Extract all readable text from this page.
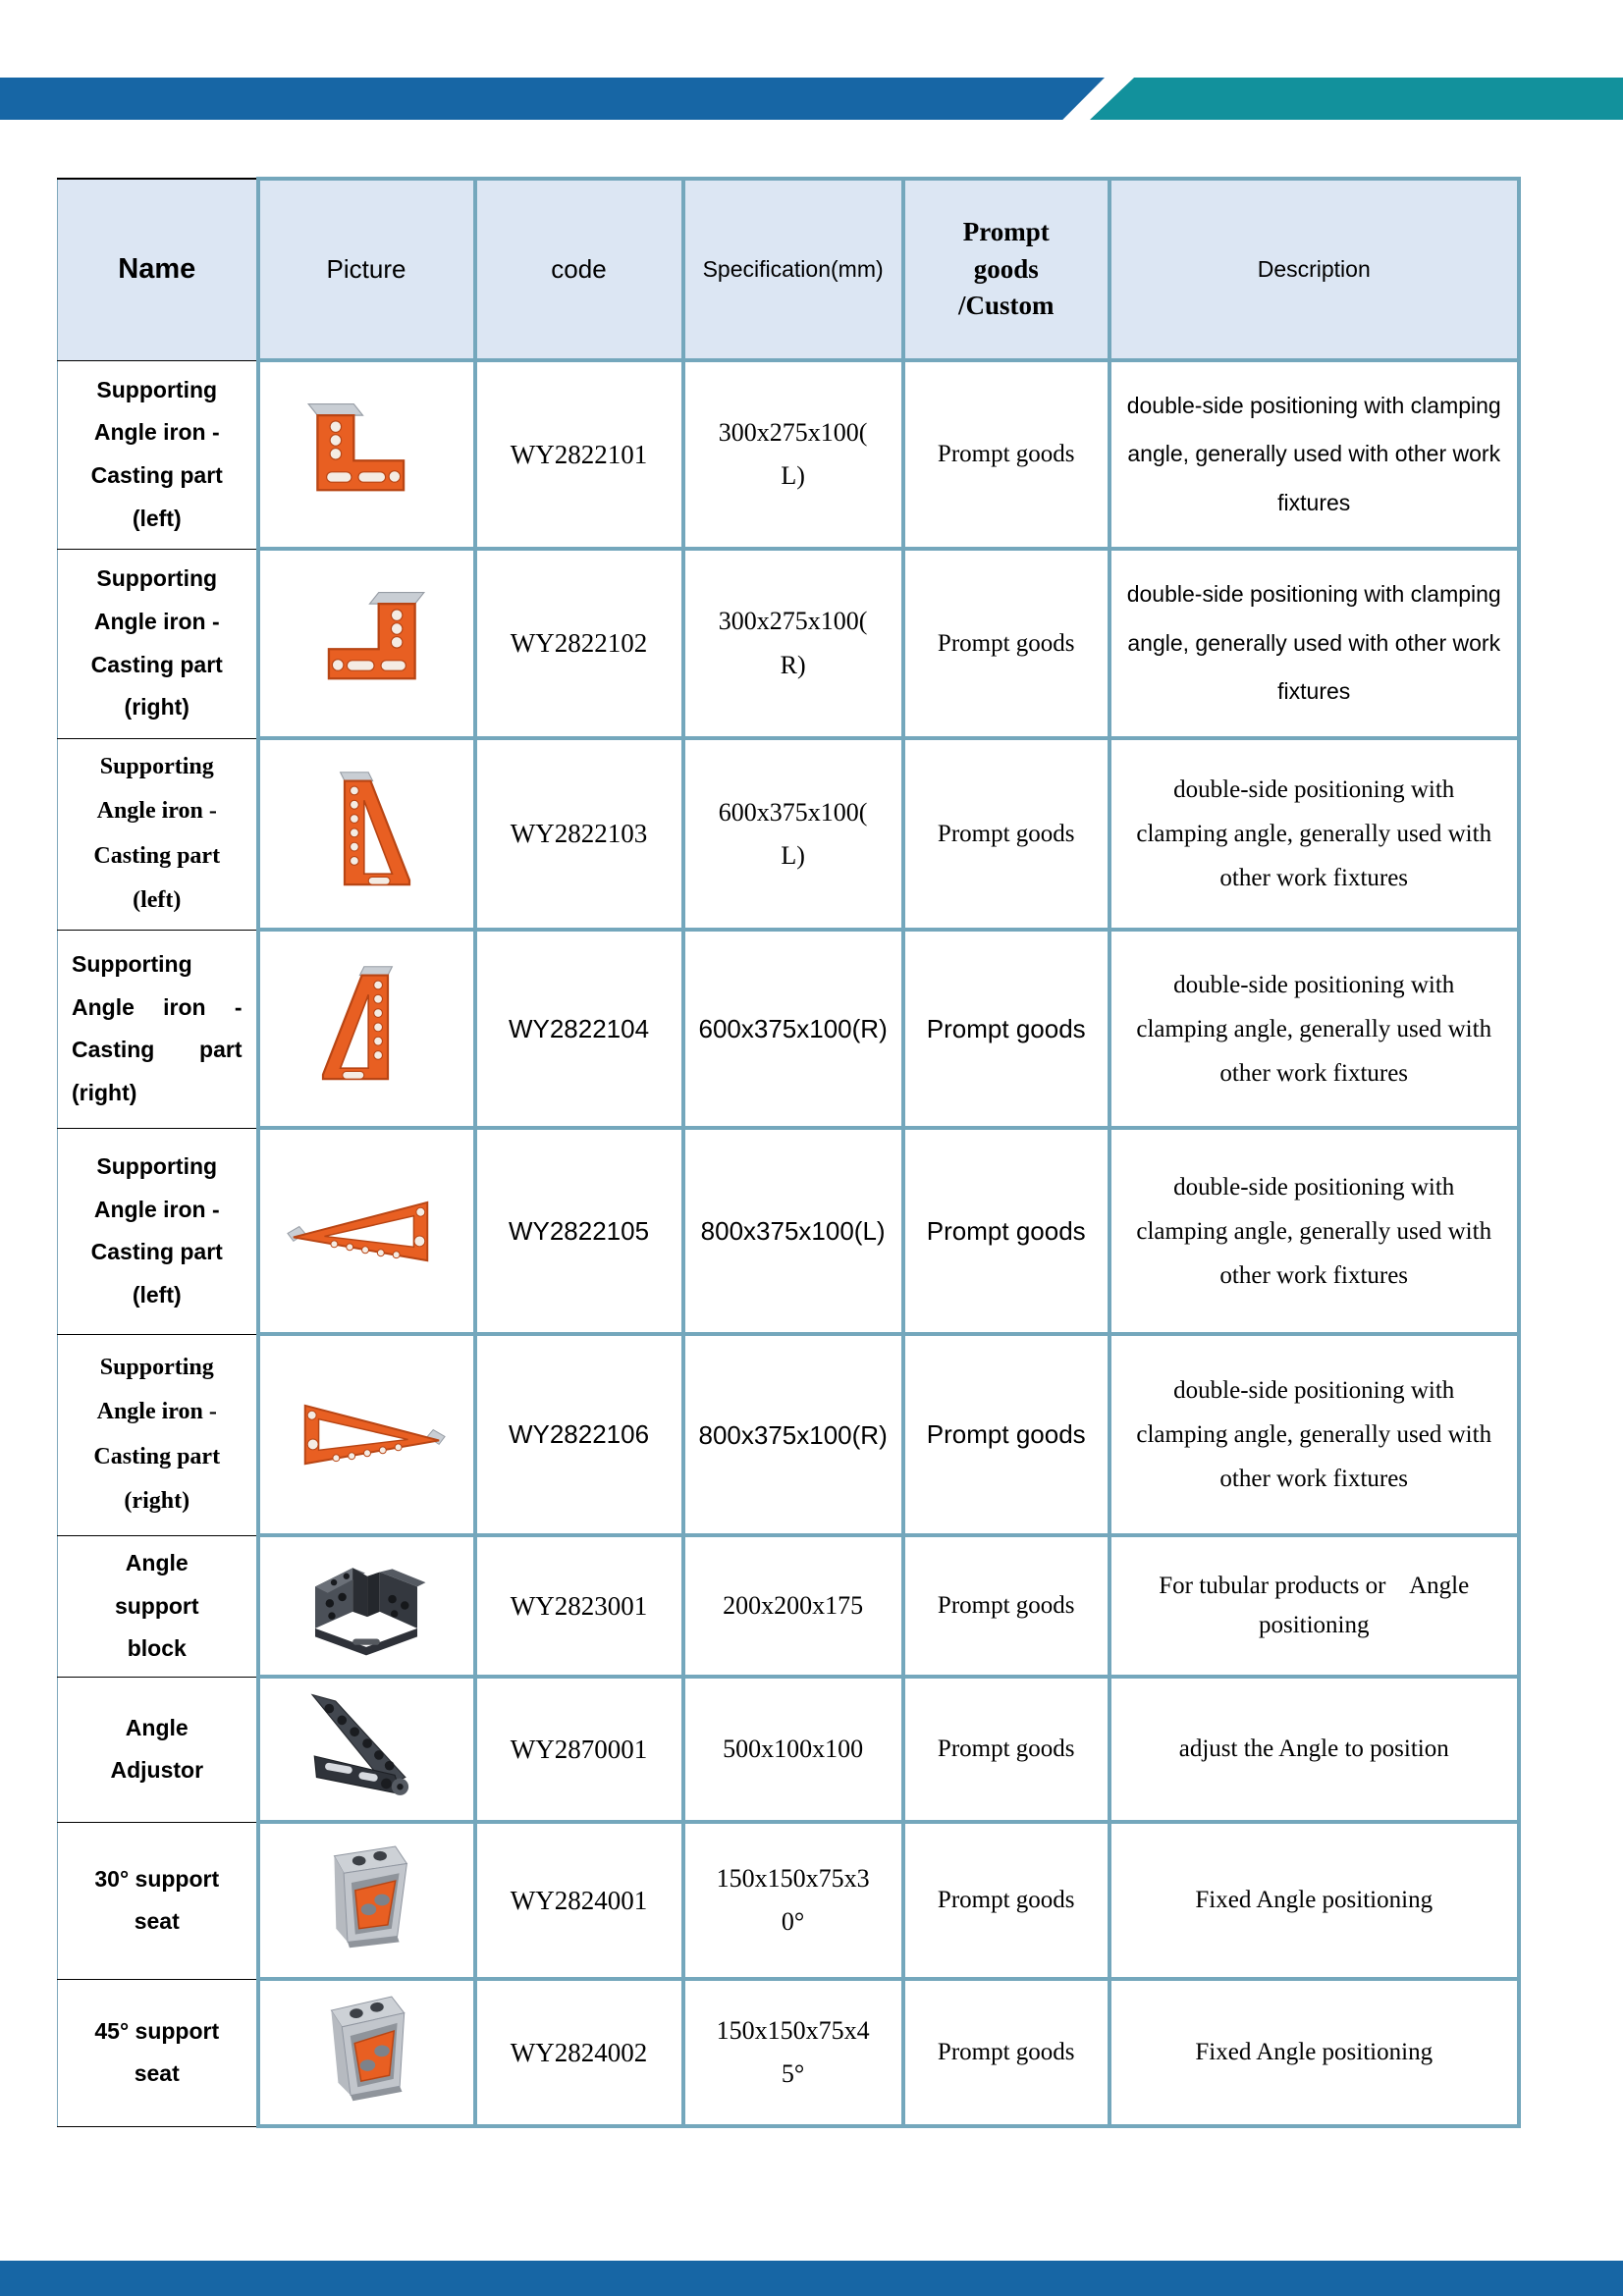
Name	Picture	code	Specification(mm)	Prompt
goods
/Custom	Description
Supporting
Angle iron -
Casting part
(left)		WY2822101	300x275x100(
L)	Prompt goods	double-side positioning with clamping angle, generally used with other work fixtures
Supporting
Angle iron -
Casting part
(right)		WY2822102	300x275x100(
R)	Prompt goods	double-side positioning with clamping angle, generally used with other work fixtures
Supporting
Angle iron -
Casting part
(left)		WY2822103	600x375x100(
L)	Prompt goods	double-side positioning with clamping angle, generally used with other work fixtures
Supporting
Angle iron -
Casting part
(right)		WY2822104	600x375x100(R)	Prompt goods	double-side positioning with clamping angle, generally used with other work fixtures
Supporting
Angle iron -
Casting part
(left)		WY2822105	800x375x100(L)	Prompt goods	double-side positioning with clamping angle, generally used with other work fixtures
Supporting
Angle iron -
Casting part
(right)		WY2822106	800x375x100(R)	Prompt goods	double-side positioning with clamping angle, generally used with other work fixtures
Angle
support
block		WY2823001	200x200x175	Prompt goods	For tubular products or    Angle positioning
Angle
Adjustor		WY2870001	500x100x100	Prompt goods	adjust the Angle to position
30° support
seat		WY2824001	150x150x75x3
0°	Prompt goods	Fixed Angle positioning
45° support
seat		WY2824002	150x150x75x4
5°	Prompt goods	Fixed Angle positioning
